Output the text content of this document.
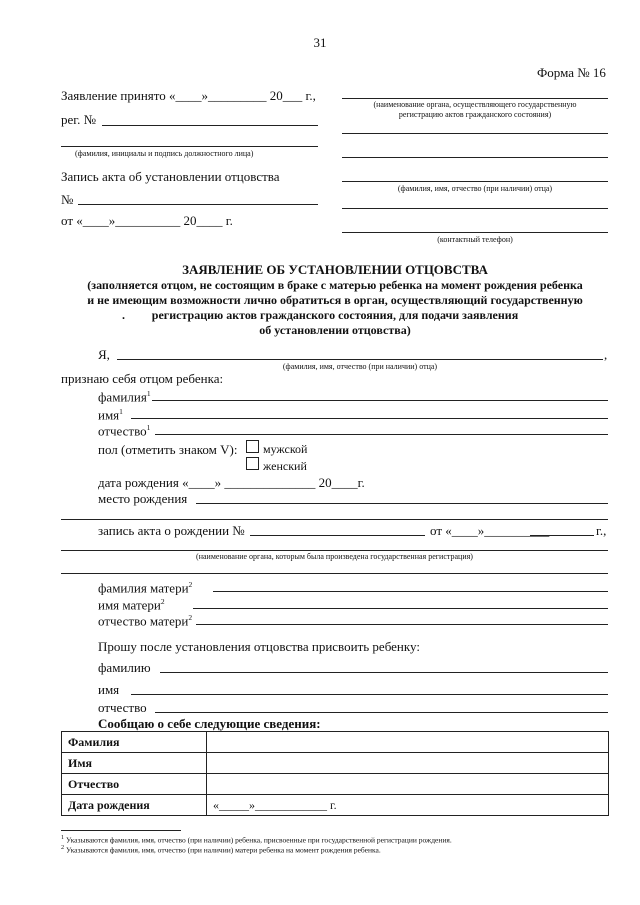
31
Форма № 16
Заявление принято «____»_________ 20___ г.,
рег. №
(фамилия, инициалы и подпись должностного лица)
Запись акта об установлении отцовства
№
от «____»__________ 20____ г.
(наименование органа, осуществляющего государственную
регистрацию актов гражданского состояния)
(фамилия, имя, отчество (при наличии) отца)
(контактный телефон)
ЗАЯВЛЕНИЕ ОБ УСТАНОВЛЕНИИ ОТЦОВСТВА
(заполняется отцом, не состоящим в браке с матерью ребенка на момент рождения ребенка
и не имеющим возможности лично обратиться в орган, осуществляющий государственную
.	регистрацию актов гражданского состояния, для подачи заявления
об установлении отцовства)
Я,	,
(фамилия, имя, отчество (при наличии) отца)
признаю себя отцом ребенка:
фамилия$^1$
имя$^1$
отчество$^1$
пол (отметить знаком V): мужской
женский
дата рождения «____» ______________ 20____г.
место рождения
запись акта о рождении №	от «____»__________	г.,
(наименование органа, которым была произведена государственная регистрация)
фамилия матери$^2$
имя матери$^2$
отчество матери$^2$
Прошу после установления отцовства присвоить ребенку:
фамилию
имя
отчество
Сообщаю о себе следующие сведения:
Фамилия	
Имя	
Отчество	
Дата рождения	«_____»____________ г.
$^1$ Указываются фамилия, имя, отчество (при наличии) ребенка, присвоенные при государственной регистрации рождения.
$^2$ Указываются фамилия, имя, отчество (при наличии) матери ребенка на момент рождения ребенка.
